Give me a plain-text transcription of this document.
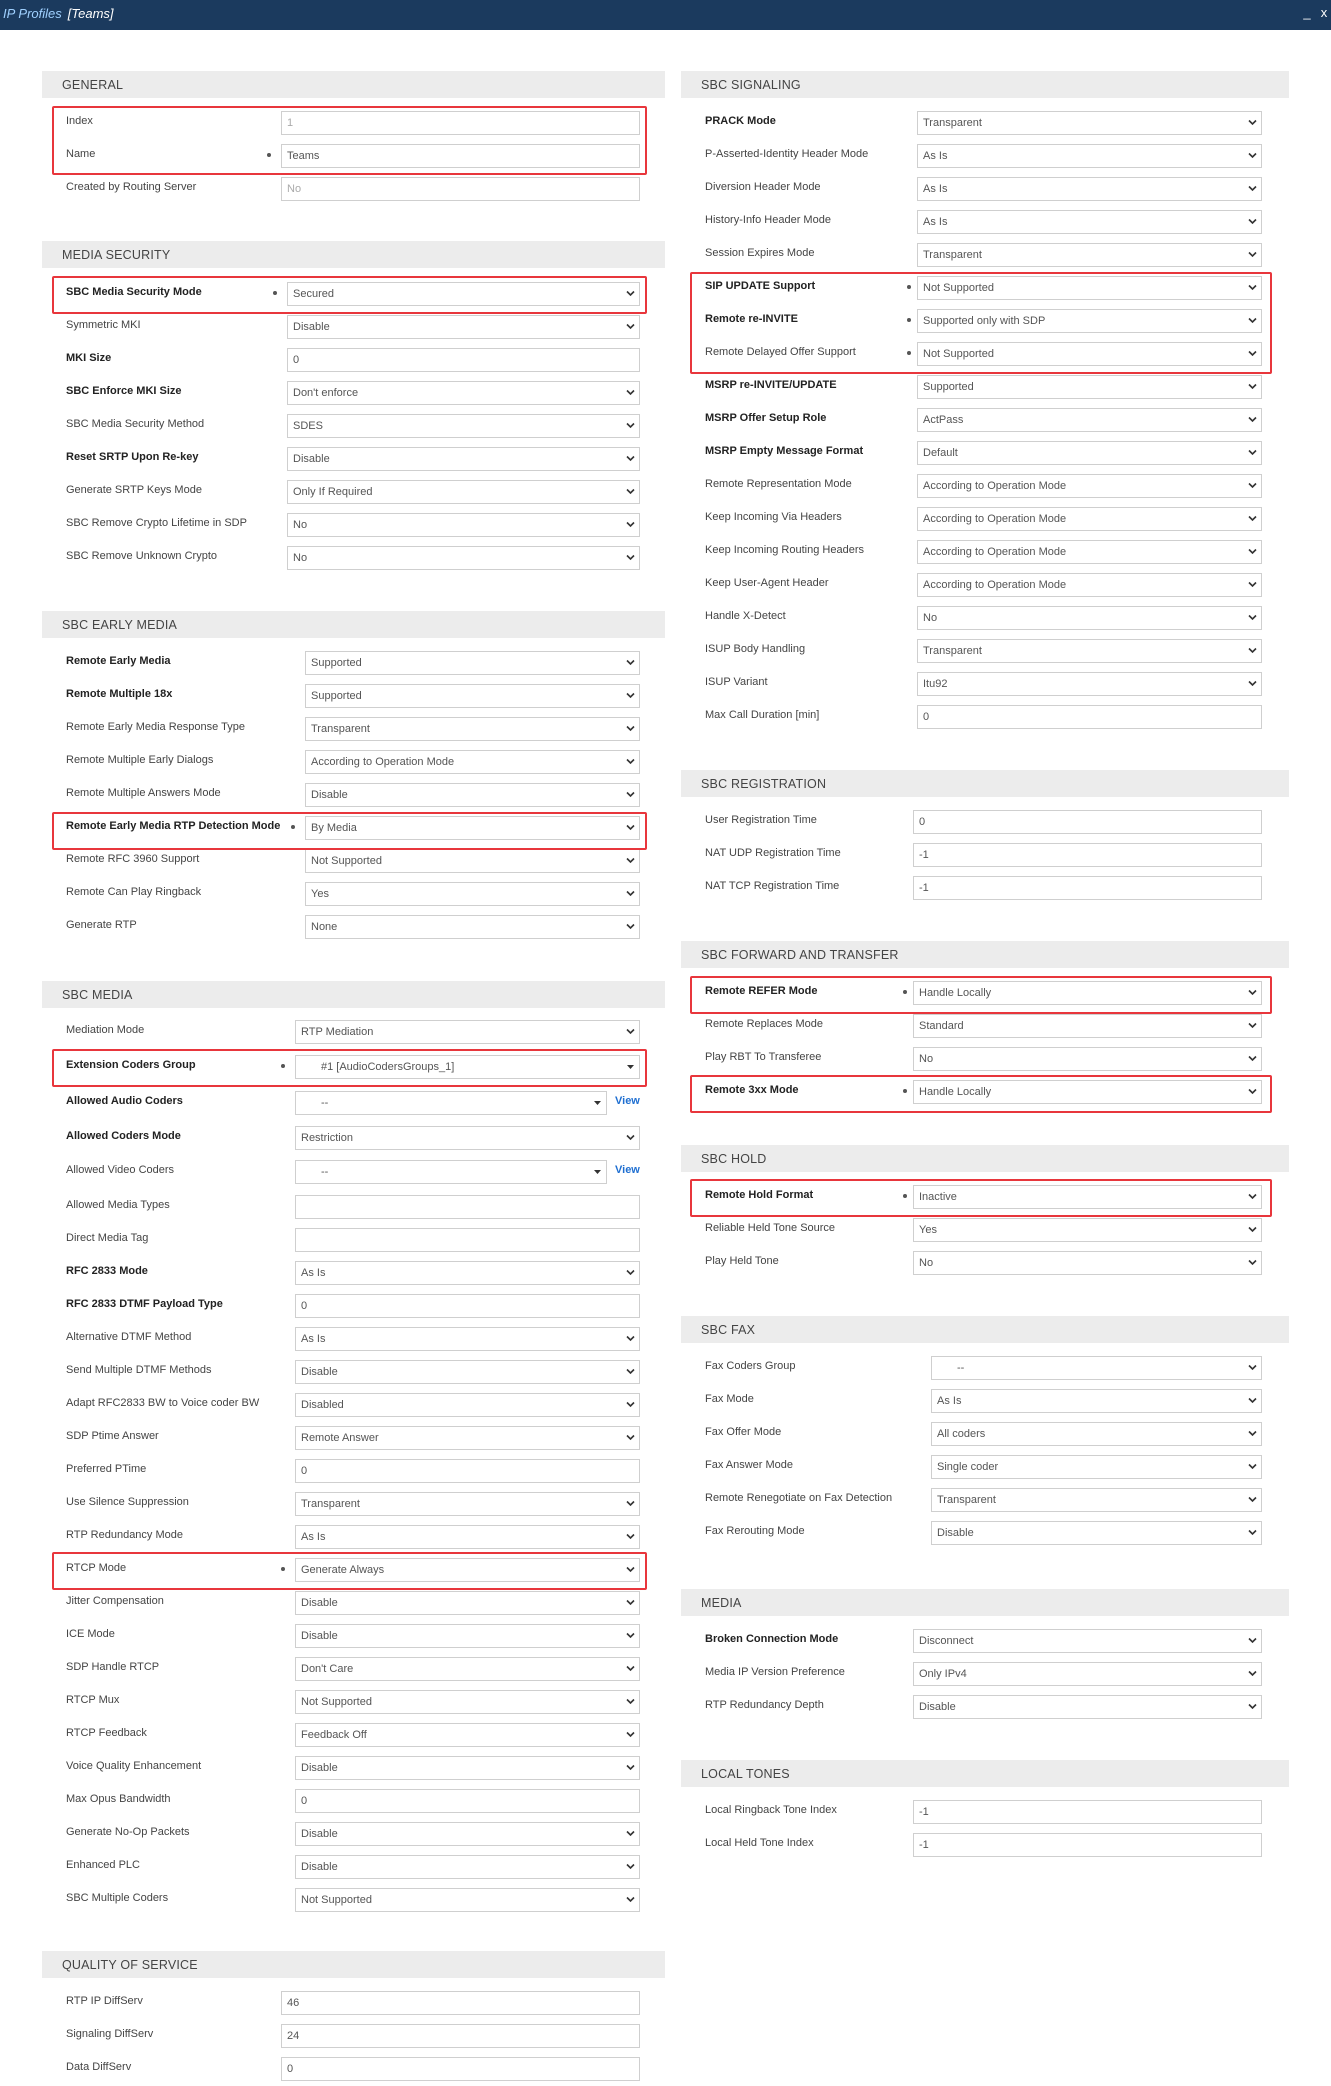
IP Profiles [Teams]	_ x
GENERAL
Index	1
Name	Teams
Created by Routing Server	No
MEDIA SECURITY
SBC Media Security Mode	Secured
Symmetric MKI	Disable
MKI Size	0
SBC Enforce MKI Size	Don't enforce
SBC Media Security Method	SDES
Reset SRTP Upon Re-key	Disable
Generate SRTP Keys Mode	Only If Required
SBC Remove Crypto Lifetime in SDP	No
SBC Remove Unknown Crypto	No
SBC EARLY MEDIA
Remote Early Media	Supported
Remote Multiple 18x	Supported
Remote Early Media Response Type	Transparent
Remote Multiple Early Dialogs	According to Operation Mode
Remote Multiple Answers Mode	Disable
Remote Early Media RTP Detection Mode	By Media
Remote RFC 3960 Support	Not Supported
Remote Can Play Ringback	Yes
Generate RTP	None
SBC MEDIA
Mediation Mode	RTP Mediation
Extension Coders Group	#1 [AudioCodersGroups_1]
Allowed Audio Coders	--	View
Allowed Coders Mode	Restriction
Allowed Video Coders	--	View
Allowed Media Types
Direct Media Tag
RFC 2833 Mode	As Is
RFC 2833 DTMF Payload Type	0
Alternative DTMF Method	As Is
Send Multiple DTMF Methods	Disable
Adapt RFC2833 BW to Voice coder BW	Disabled
SDP Ptime Answer	Remote Answer
Preferred PTime	0
Use Silence Suppression	Transparent
RTP Redundancy Mode	As Is
RTCP Mode	Generate Always
Jitter Compensation	Disable
ICE Mode	Disable
SDP Handle RTCP	Don't Care
RTCP Mux	Not Supported
RTCP Feedback	Feedback Off
Voice Quality Enhancement	Disable
Max Opus Bandwidth	0
Generate No-Op Packets	Disable
Enhanced PLC	Disable
SBC Multiple Coders	Not Supported
QUALITY OF SERVICE
RTP IP DiffServ	46
Signaling DiffServ	24
Data DiffServ	0
SBC SIGNALING
PRACK Mode	Transparent
P-Asserted-Identity Header Mode	As Is
Diversion Header Mode	As Is
History-Info Header Mode	As Is
Session Expires Mode	Transparent
SIP UPDATE Support	Not Supported
Remote re-INVITE	Supported only with SDP
Remote Delayed Offer Support	Not Supported
MSRP re-INVITE/UPDATE	Supported
MSRP Offer Setup Role	ActPass
MSRP Empty Message Format	Default
Remote Representation Mode	According to Operation Mode
Keep Incoming Via Headers	According to Operation Mode
Keep Incoming Routing Headers	According to Operation Mode
Keep User-Agent Header	According to Operation Mode
Handle X-Detect	No
ISUP Body Handling	Transparent
ISUP Variant	Itu92
Max Call Duration [min]	0
SBC REGISTRATION
User Registration Time	0
NAT UDP Registration Time	-1
NAT TCP Registration Time	-1
SBC FORWARD AND TRANSFER
Remote REFER Mode	Handle Locally
Remote Replaces Mode	Standard
Play RBT To Transferee	No
Remote 3xx Mode	Handle Locally
SBC HOLD
Remote Hold Format	Inactive
Reliable Held Tone Source	Yes
Play Held Tone	No
SBC FAX
Fax Coders Group	--
Fax Mode	As Is
Fax Offer Mode	All coders
Fax Answer Mode	Single coder
Remote Renegotiate on Fax Detection	Transparent
Fax Rerouting Mode	Disable
MEDIA
Broken Connection Mode	Disconnect
Media IP Version Preference	Only IPv4
RTP Redundancy Depth	Disable
LOCAL TONES
Local Ringback Tone Index	-1
Local Held Tone Index	-1
